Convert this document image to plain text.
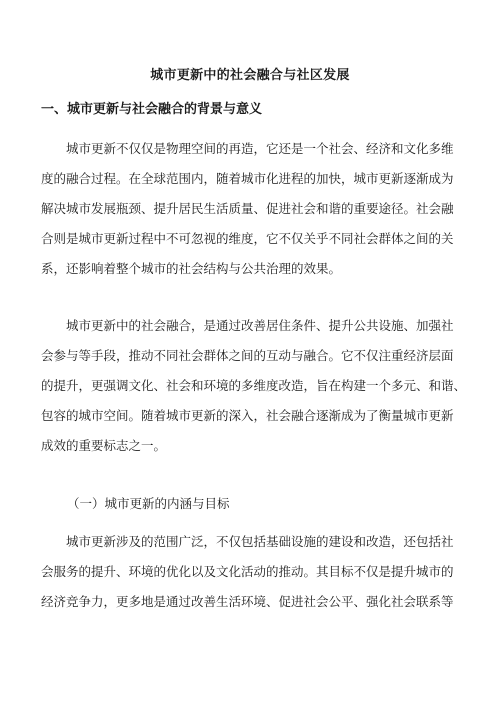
城市更新中的社会融合与社区发展
一、城市更新与社会融合的背景与意义
城市更新不仅仅是物理空间的再造，它还是一个社会、经济和文化多维
度的融合过程。在全球范围内，随着城市化进程的加快，城市更新逐渐成为
解决城市发展瓶颈、提升居民生活质量、促进社会和谐的重要途径。社会融
合则是城市更新过程中不可忽视的维度，它不仅关乎不同社会群体之间的关
系，还影响着整个城市的社会结构与公共治理的效果。
城市更新中的社会融合，是通过改善居住条件、提升公共设施、加强社
会参与等手段，推动不同社会群体之间的互动与融合。它不仅注重经济层面
的提升，更强调文化、社会和环境的多维度改造，旨在构建一个多元、和谐、
包容的城市空间。随着城市更新的深入，社会融合逐渐成为了衡量城市更新
成效的重要标志之一。
（一）城市更新的内涵与目标
城市更新涉及的范围广泛，不仅包括基础设施的建设和改造，还包括社
会服务的提升、环境的优化以及文化活动的推动。其目标不仅是提升城市的
经济竞争力，更多地是通过改善生活环境、促进社会公平、强化社会联系等
